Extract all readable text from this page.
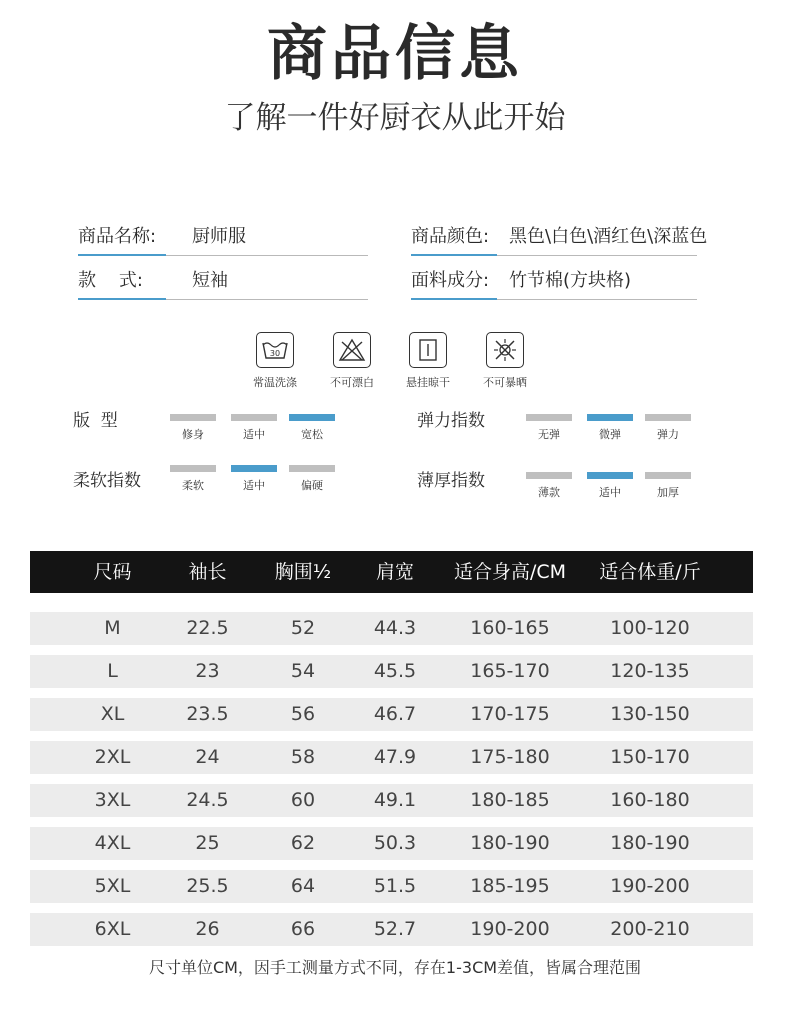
商品信息
了解一件好厨衣从此开始
商品名称: 厨师服
款    式:	短袖
商品颜色: 黑色\白色\酒红色\深蓝色
面料成分: 竹节棉(方块格)
30
常温洗涤	不可漂白	悬挂晾干	不可暴晒
版  型
修身	适中	宽松
弹力指数
无弹	微弹	弹力
柔软指数	柔软	适中	偏硬	薄厚指数
薄款	适中	加厚
尺码	袖长	胸围½	肩宽	适合身高/CM	适合体重/斤
M	22.5	52	44.3	160-165	100-120
L	23	54	45.5	165-170	120-135
XL	23.5	56	46.7	170-175	130-150
2XL	24	58	47.9	175-180	150-170
3XL	24.5	60	49.1	180-185	160-180
4XL	25	62	50.3	180-190	180-190
5XL	25.5	64	51.5	185-195	190-200
6XL	26	66	52.7	190-200	200-210
尺寸单位CM，因手工测量方式不同，存在1-3CM差值，皆属合理范围
